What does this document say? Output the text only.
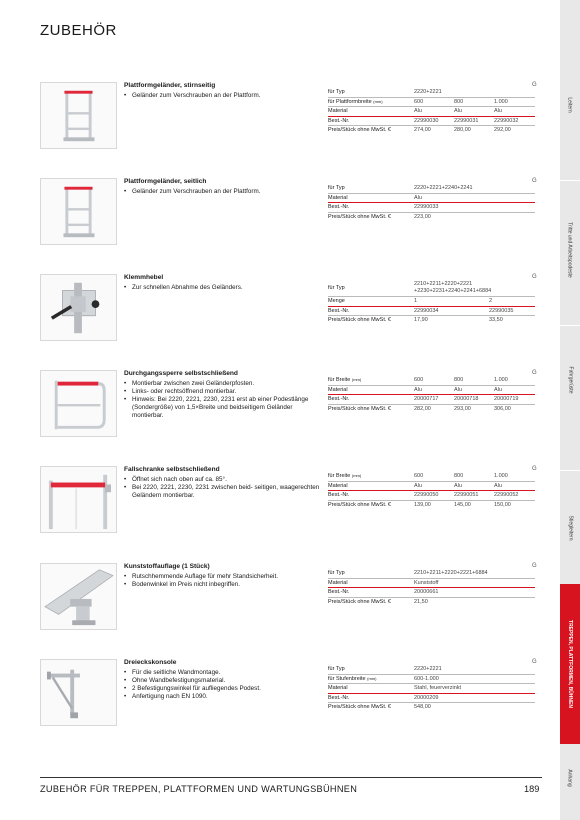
ZUBEHÖR
Leitern
Tritte und Arbeitspodeste
Fahrgerüste
Stiegleitern
TREPPEN, PLATTFORMEN, BÜHNEN
Anhang
Plattformgeländer, stirnseitig
• Geländer zum Verschrauben an der Plattform.
G
für Typ	2220+2221
für Plattformbreite (mm)	600	800	1.000
Material	Alu	Alu	Alu
Best.-Nr.	22990030	22990031	22990032
Preis/Stück ohne MwSt. €	274,00	280,00	292,00
Plattformgeländer, seitlich
• Geländer zum Verschrauben an der Plattform.
G
für Typ	2220+2221+2240+2241
Material	Alu
Best.-Nr.	22990033
Preis/Stück ohne MwSt. €	223,00
Klemmhebel
• Zur schnellen Abnahme des Geländers.
G
für Typ
2210+2211+2220+2221
+2230+2231+2240+2241+6884
Menge	1	2
Best.-Nr.	22990034	22990035
Preis/Stück ohne MwSt. €	17,90	33,50
Durchgangssperre selbstschließend
• Montierbar zwischen zwei Geländerpfosten.
• Links- oder rechtsöffnend montierbar.
• Hinweis: Bei 2220, 2221, 2230, 2231 erst ab einer Podestlänge (Sondergröße) von 1,5×Breite und beidseitigem Geländer montierbar.
G
für Breite (mm)	600	800	1.000
Material	Alu	Alu	Alu
Best.-Nr.	20000717	20000718	20000719
Preis/Stück ohne MwSt. €	282,00	293,00	306,00
Fallschranke selbstschließend
• Öffnet sich nach oben auf ca. 85°.
• Bei 2220, 2221, 2230, 2231 zwischen beid- seitigen, waagerechten Geländern montierbar.
G
für Breite (mm)	600	800	1.000
Material	Alu	Alu	Alu
Best.-Nr.	22990050	22990051	22990052
Preis/Stück ohne MwSt. €	139,00	145,00	150,00
Kunststoffauflage (1 Stück)
• Rutschhemmende Auflage für mehr Standsicherheit.
• Bodenwinkel im Preis nicht inbegriffen.
G
für Typ	2210+2211+2220+2221+6884
Material	Kunststoff
Best.-Nr.	20000661
Preis/Stück ohne MwSt. €	21,50
Dreieckskonsole
• Für die seitliche Wandmontage.
• Ohne Wandbefestigungsmaterial.
• 2 Befestigungswinkel für aufliegendes Podest.
• Anfertigung nach EN 1090.
G
für Typ	2220+2221
für Stufenbreite (mm)	600-1.000
Material	Stahl, feuerverzinkt
Best.-Nr.	20000209
Preis/Stück ohne MwSt. €	548,00
ZUBEHÖR FÜR TREPPEN, PLATTFORMEN UND WARTUNGSBÜHNEN	189
